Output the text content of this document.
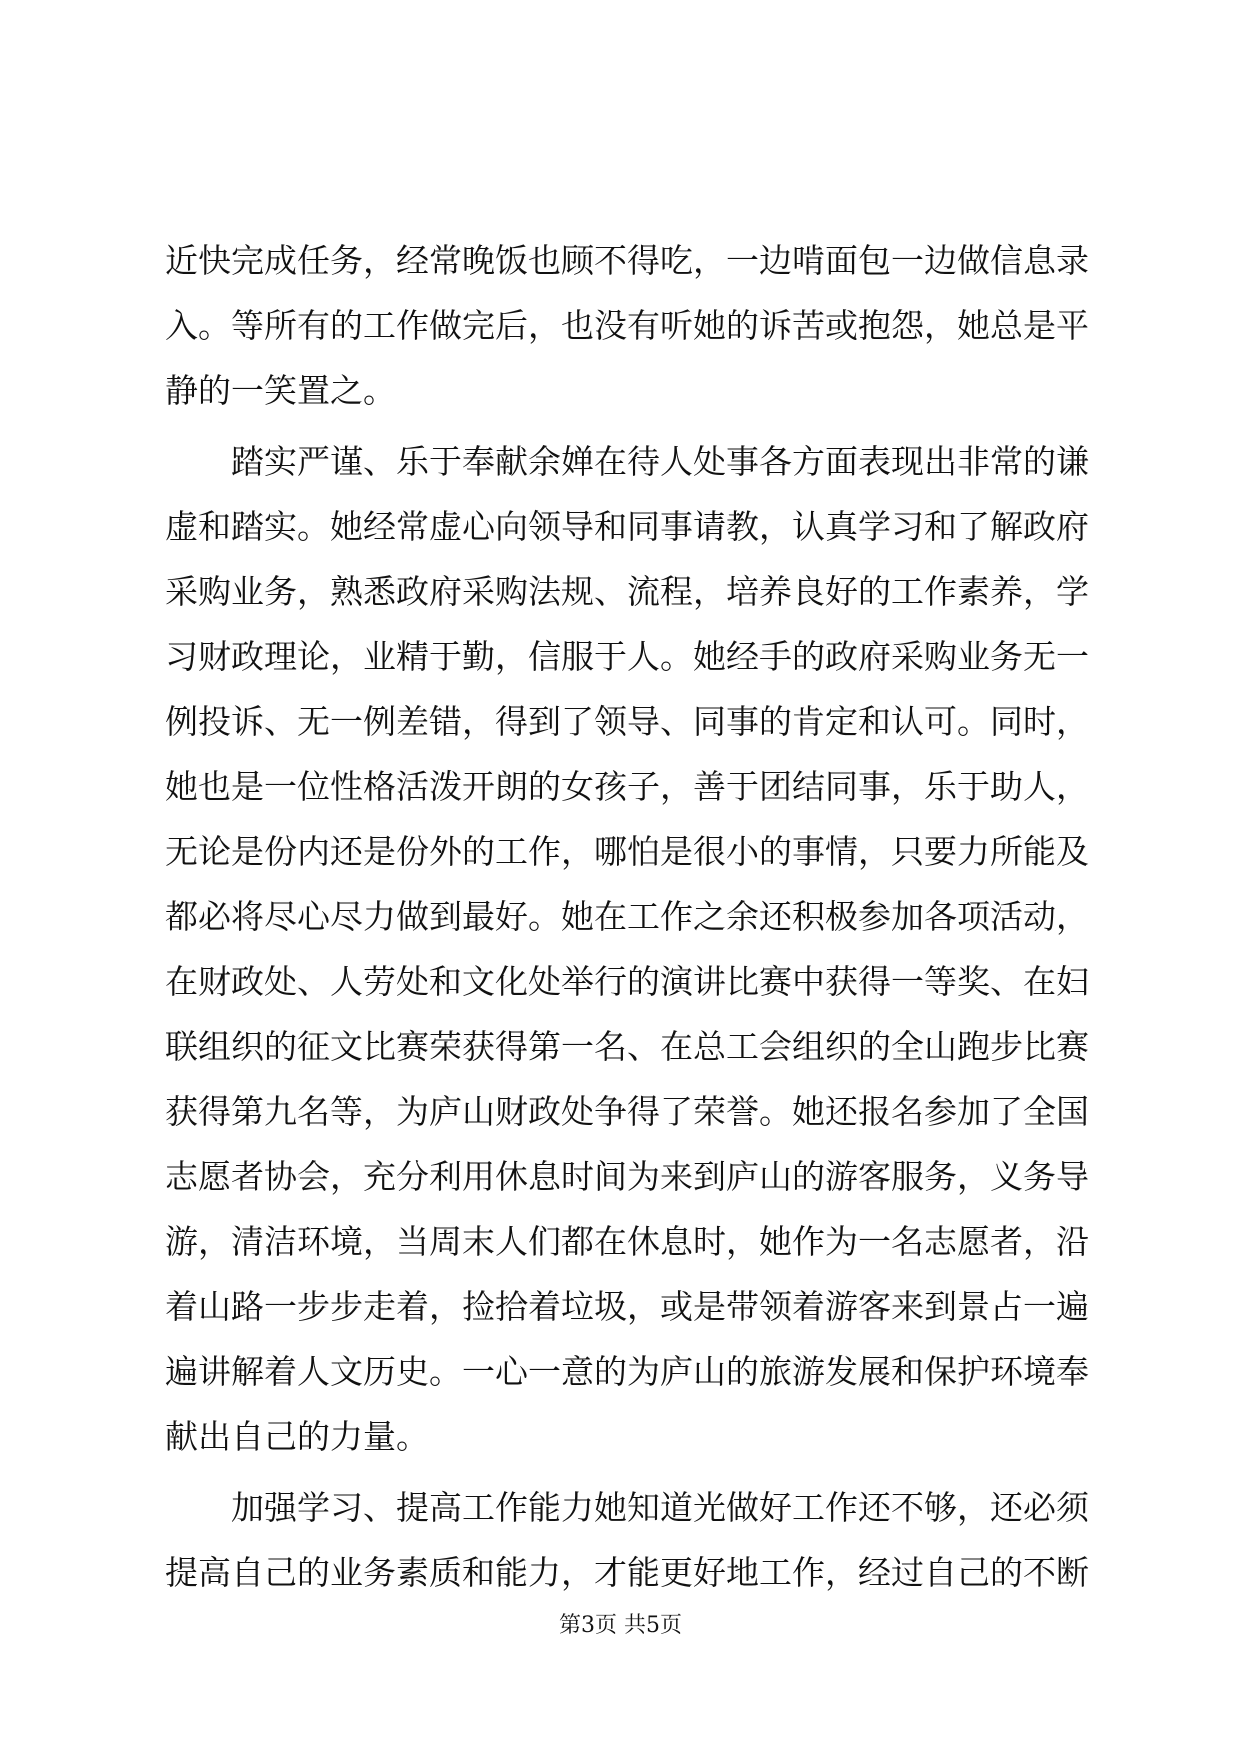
近快完成任务，经常晚饭也顾不得吃，一边啃面包一边做信息录
入。等所有的工作做完后，也没有听她的诉苦或抱怨，她总是平
静的一笑置之。
踏实严谨、乐于奉献余婵在待人处事各方面表现出非常的谦
虚和踏实。她经常虚心向领导和同事请教，认真学习和了解政府
采购业务，熟悉政府采购法规、流程，培养良好的工作素养，学
习财政理论，业精于勤，信服于人。她经手的政府采购业务无一
例投诉、无一例差错，得到了领导、同事的肯定和认可。同时，
她也是一位性格活泼开朗的女孩子，善于团结同事，乐于助人，
无论是份内还是份外的工作，哪怕是很小的事情，只要力所能及
都必将尽心尽力做到最好。她在工作之余还积极参加各项活动，
在财政处、人劳处和文化处举行的演讲比赛中获得一等奖、在妇
联组织的征文比赛荣获得第一名、在总工会组织的全山跑步比赛
获得第九名等，为庐山财政处争得了荣誉。她还报名参加了全国
志愿者协会，充分利用休息时间为来到庐山的游客服务，义务导
游，清洁环境，当周末人们都在休息时，她作为一名志愿者，沿
着山路一步步走着，捡拾着垃圾，或是带领着游客来到景占一遍
遍讲解着人文历史。一心一意的为庐山的旅游发展和保护环境奉
献出自己的力量。
加强学习、提高工作能力她知道光做好工作还不够，还必须
提高自己的业务素质和能力，才能更好地工作，经过自己的不断
第3页 共5页
